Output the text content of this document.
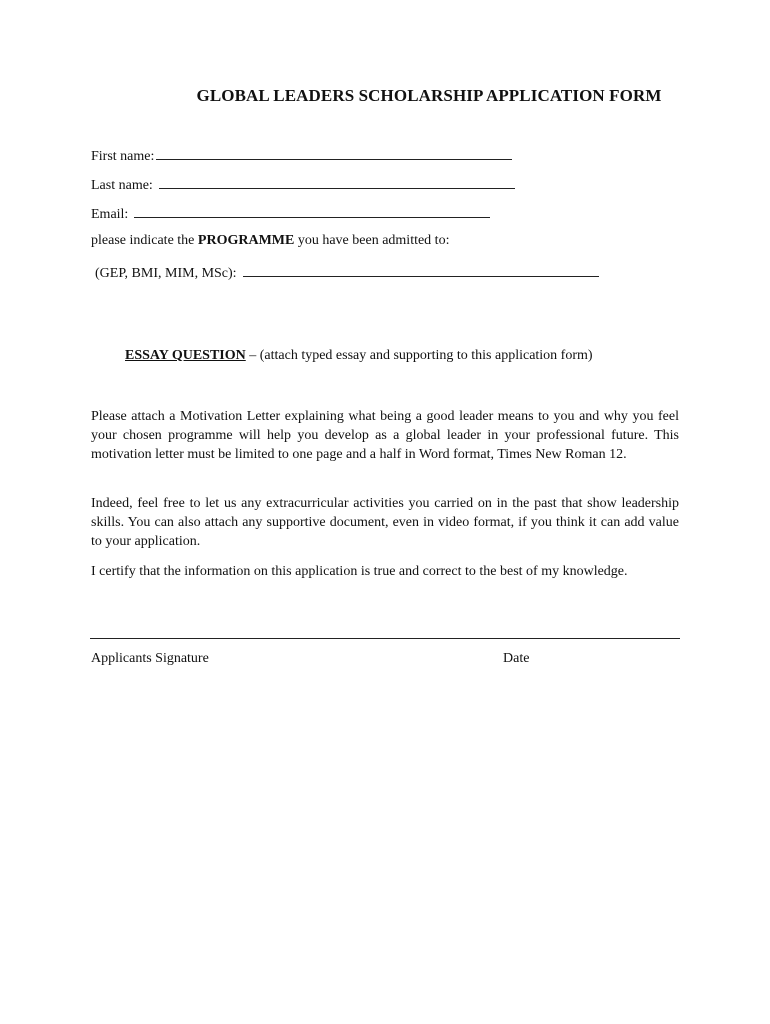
GLOBAL LEADERS SCHOLARSHIP APPLICATION FORM
First name:
Last name:
Email:
please indicate the PROGRAMME you have been admitted to:
(GEP, BMI, MIM, MSc):
ESSAY QUESTION – (attach typed essay and supporting to this application form)
Please attach a Motivation Letter explaining what being a good leader means to you and why you feel your chosen programme will help you develop as a global leader in your professional future. This motivation letter must be limited to one page and a half in Word format, Times New Roman 12.
Indeed, feel free to let us any extracurricular activities you carried on in the past that show leadership skills. You can also attach any supportive document, even in video format, if you think it can add value to your application.
I certify that the information on this application is true and correct to the best of my knowledge.
Applicants Signature	Date
